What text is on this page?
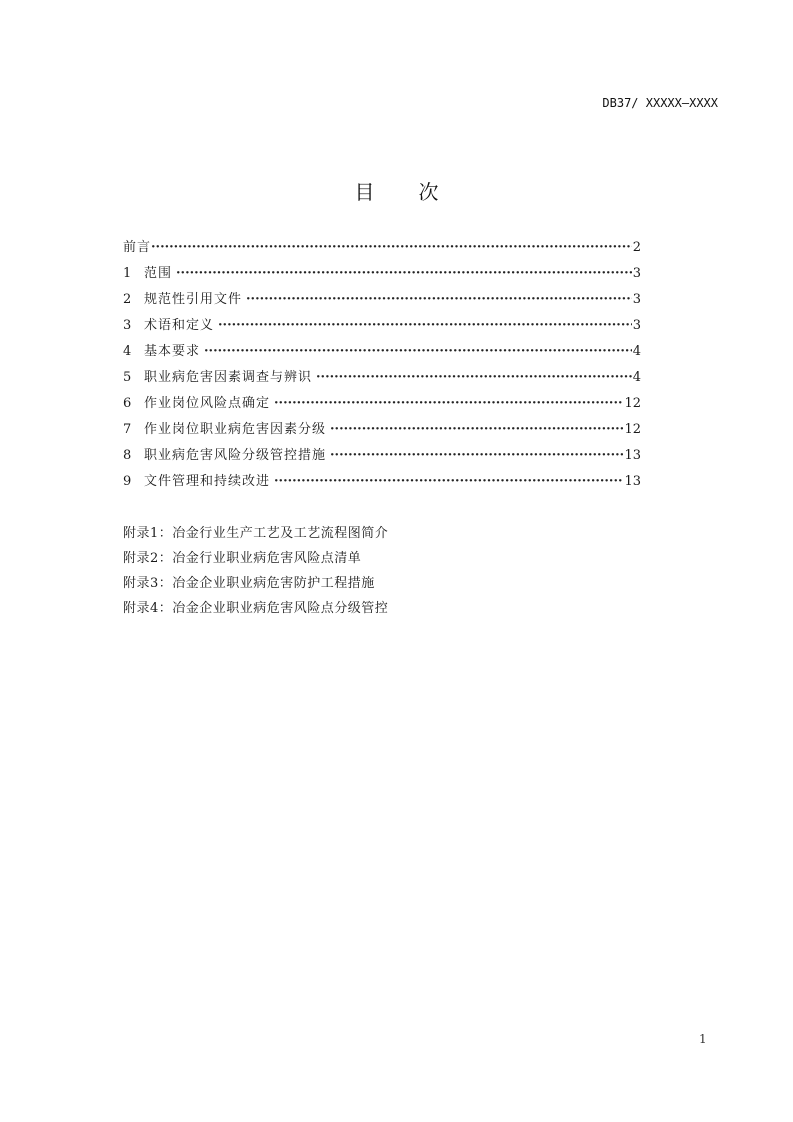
DB37/ XXXXX—XXXX
目 次
前言 ·····	2
1 范围 ·····	3
2 规范性引用文件 ·····	3
3 术语和定义 ·····	3
4 基本要求 ·····	4
5 职业病危害因素调查与辨识 ·····	4
6 作业岗位风险点确定 ·····	12
7 作业岗位职业病危害因素分级 ·····	12
8 职业病危害风险分级管控措施 ·····	13
9 文件管理和持续改进 ·····	13
附录1：冶金行业生产工艺及工艺流程图简介
附录2：冶金行业职业病危害风险点清单
附录3：冶金企业职业病危害防护工程措施
附录4：冶金企业职业病危害风险点分级管控
1
